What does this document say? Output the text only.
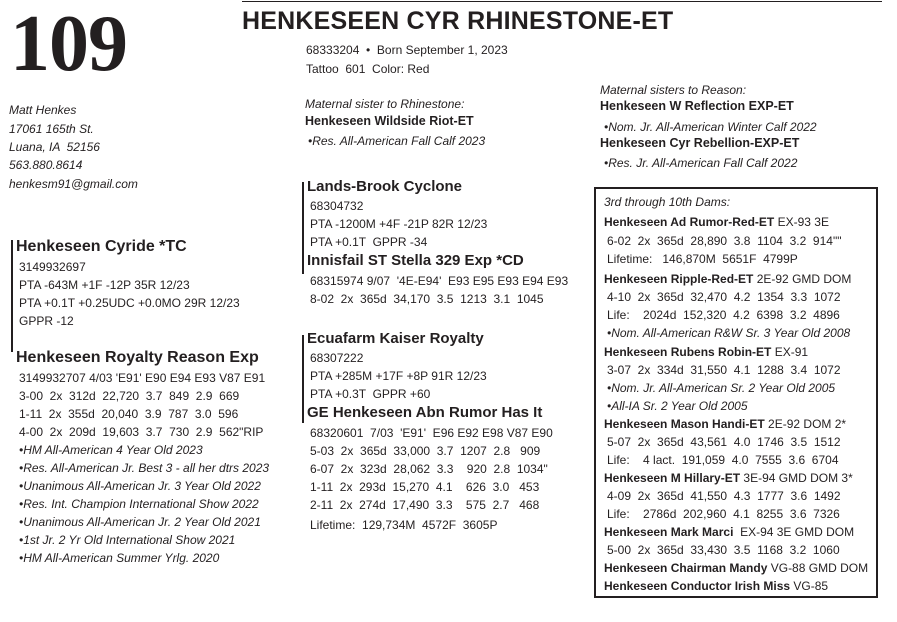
109	HENKESEEN CYR RHINESTONE-ET
68333204  •  Born September 1, 2023
Tattoo  601  Color: Red
Matt Henkes
17061 165th St.
Luana, IA  52156
563.880.8614
henkesm91@gmail.com
Maternal sister to Rhinestone:
Henkeseen Wildside Riot-ET
•Res. All-American Fall Calf 2023
Maternal sisters to Reason:
Henkeseen W Reflection EXP-ET
•Nom. Jr. All-American Winter Calf 2022
Henkeseen Cyr Rebellion-EXP-ET
•Res. Jr. All-American Fall Calf 2022
Henkeseen Cyride *TC
3149932697
PTA -643M +1F -12P 35R 12/23
PTA +0.1T +0.25UDC +0.0MO 29R 12/23
GPPR -12
Henkeseen Royalty Reason Exp
3149932707 4/03 'E91' E90 E94 E93 V87 E91
3-00  2x  312d  22,720  3.7  849  2.9  669
1-11  2x  355d  20,040  3.9  787  3.0  596
4-00  2x  209d  19,603  3.7  730  2.9  562"RIP
•HM All-American 4 Year Old 2023
•Res. All-American Jr. Best 3 - all her dtrs 2023
•Unanimous All-American Jr. 3 Year Old 2022
•Res. Int. Champion International Show 2022
•Unanimous All-American Jr. 2 Year Old 2021
•1st Jr. 2 Yr Old International Show 2021
•HM All-American Summer Yrlg. 2020
Lands-Brook Cyclone
68304732
PTA -1200M +4F -21P 82R 12/23
PTA +0.1T  GPPR -34
Innisfail ST Stella 329 Exp *CD
68315974 9/07  '4E-E94'  E93 E95 E93 E94 E93
8-02  2x  365d  34,170  3.5  1213  3.1  1045
Ecuafarm Kaiser Royalty
68307222
PTA +285M +17F +8P 91R 12/23
PTA +0.3T  GPPR +60
GE Henkeseen Abn Rumor Has It
68320601  7/03  'E91'  E96 E92 E98 V87 E90
5-03  2x  365d  33,000  3.7  1207  2.8   909
6-07  2x  323d  28,062  3.3    920  2.8  1034"
1-11  2x  293d  15,270  4.1    626  3.0   453
2-11  2x  274d  17,490  3.3    575  2.7   468
Lifetime:  129,734M  4572F  3605P
3rd through 10th Dams:
Henkeseen Ad Rumor-Red-ET EX-93 3E
6-02  2x  365d  28,890  3.8  1104  3.2  914""
Lifetime:   146,870M  5651F  4799P
Henkeseen Ripple-Red-ET 2E-92 GMD DOM
4-10  2x  365d  32,470  4.2  1354  3.3  1072
Life:    2024d  152,320  4.2  6398  3.2  4896
•Nom. All-American R&W Sr. 3 Year Old 2008
Henkeseen Rubens Robin-ET EX-91
3-07  2x  334d  31,550  4.1  1288  3.4  1072
•Nom. Jr. All-American Sr. 2 Year Old 2005
•All-IA Sr. 2 Year Old 2005
Henkeseen Mason Handi-ET 2E-92 DOM 2*
5-07  2x  365d  43,561  4.0  1746  3.5  1512
Life:    4 lact.  191,059  4.0  7555  3.6  6704
Henkeseen M Hillary-ET 3E-94 GMD DOM 3*
4-09  2x  365d  41,550  4.3  1777  3.6  1492
Life:    2786d  202,960  4.1  8255  3.6  7326
Henkeseen Mark Marci  EX-94 3E GMD DOM
5-00  2x  365d  33,430  3.5  1168  3.2  1060
Henkeseen Chairman Mandy VG-88 GMD DOM
Henkeseen Conductor Irish Miss VG-85
